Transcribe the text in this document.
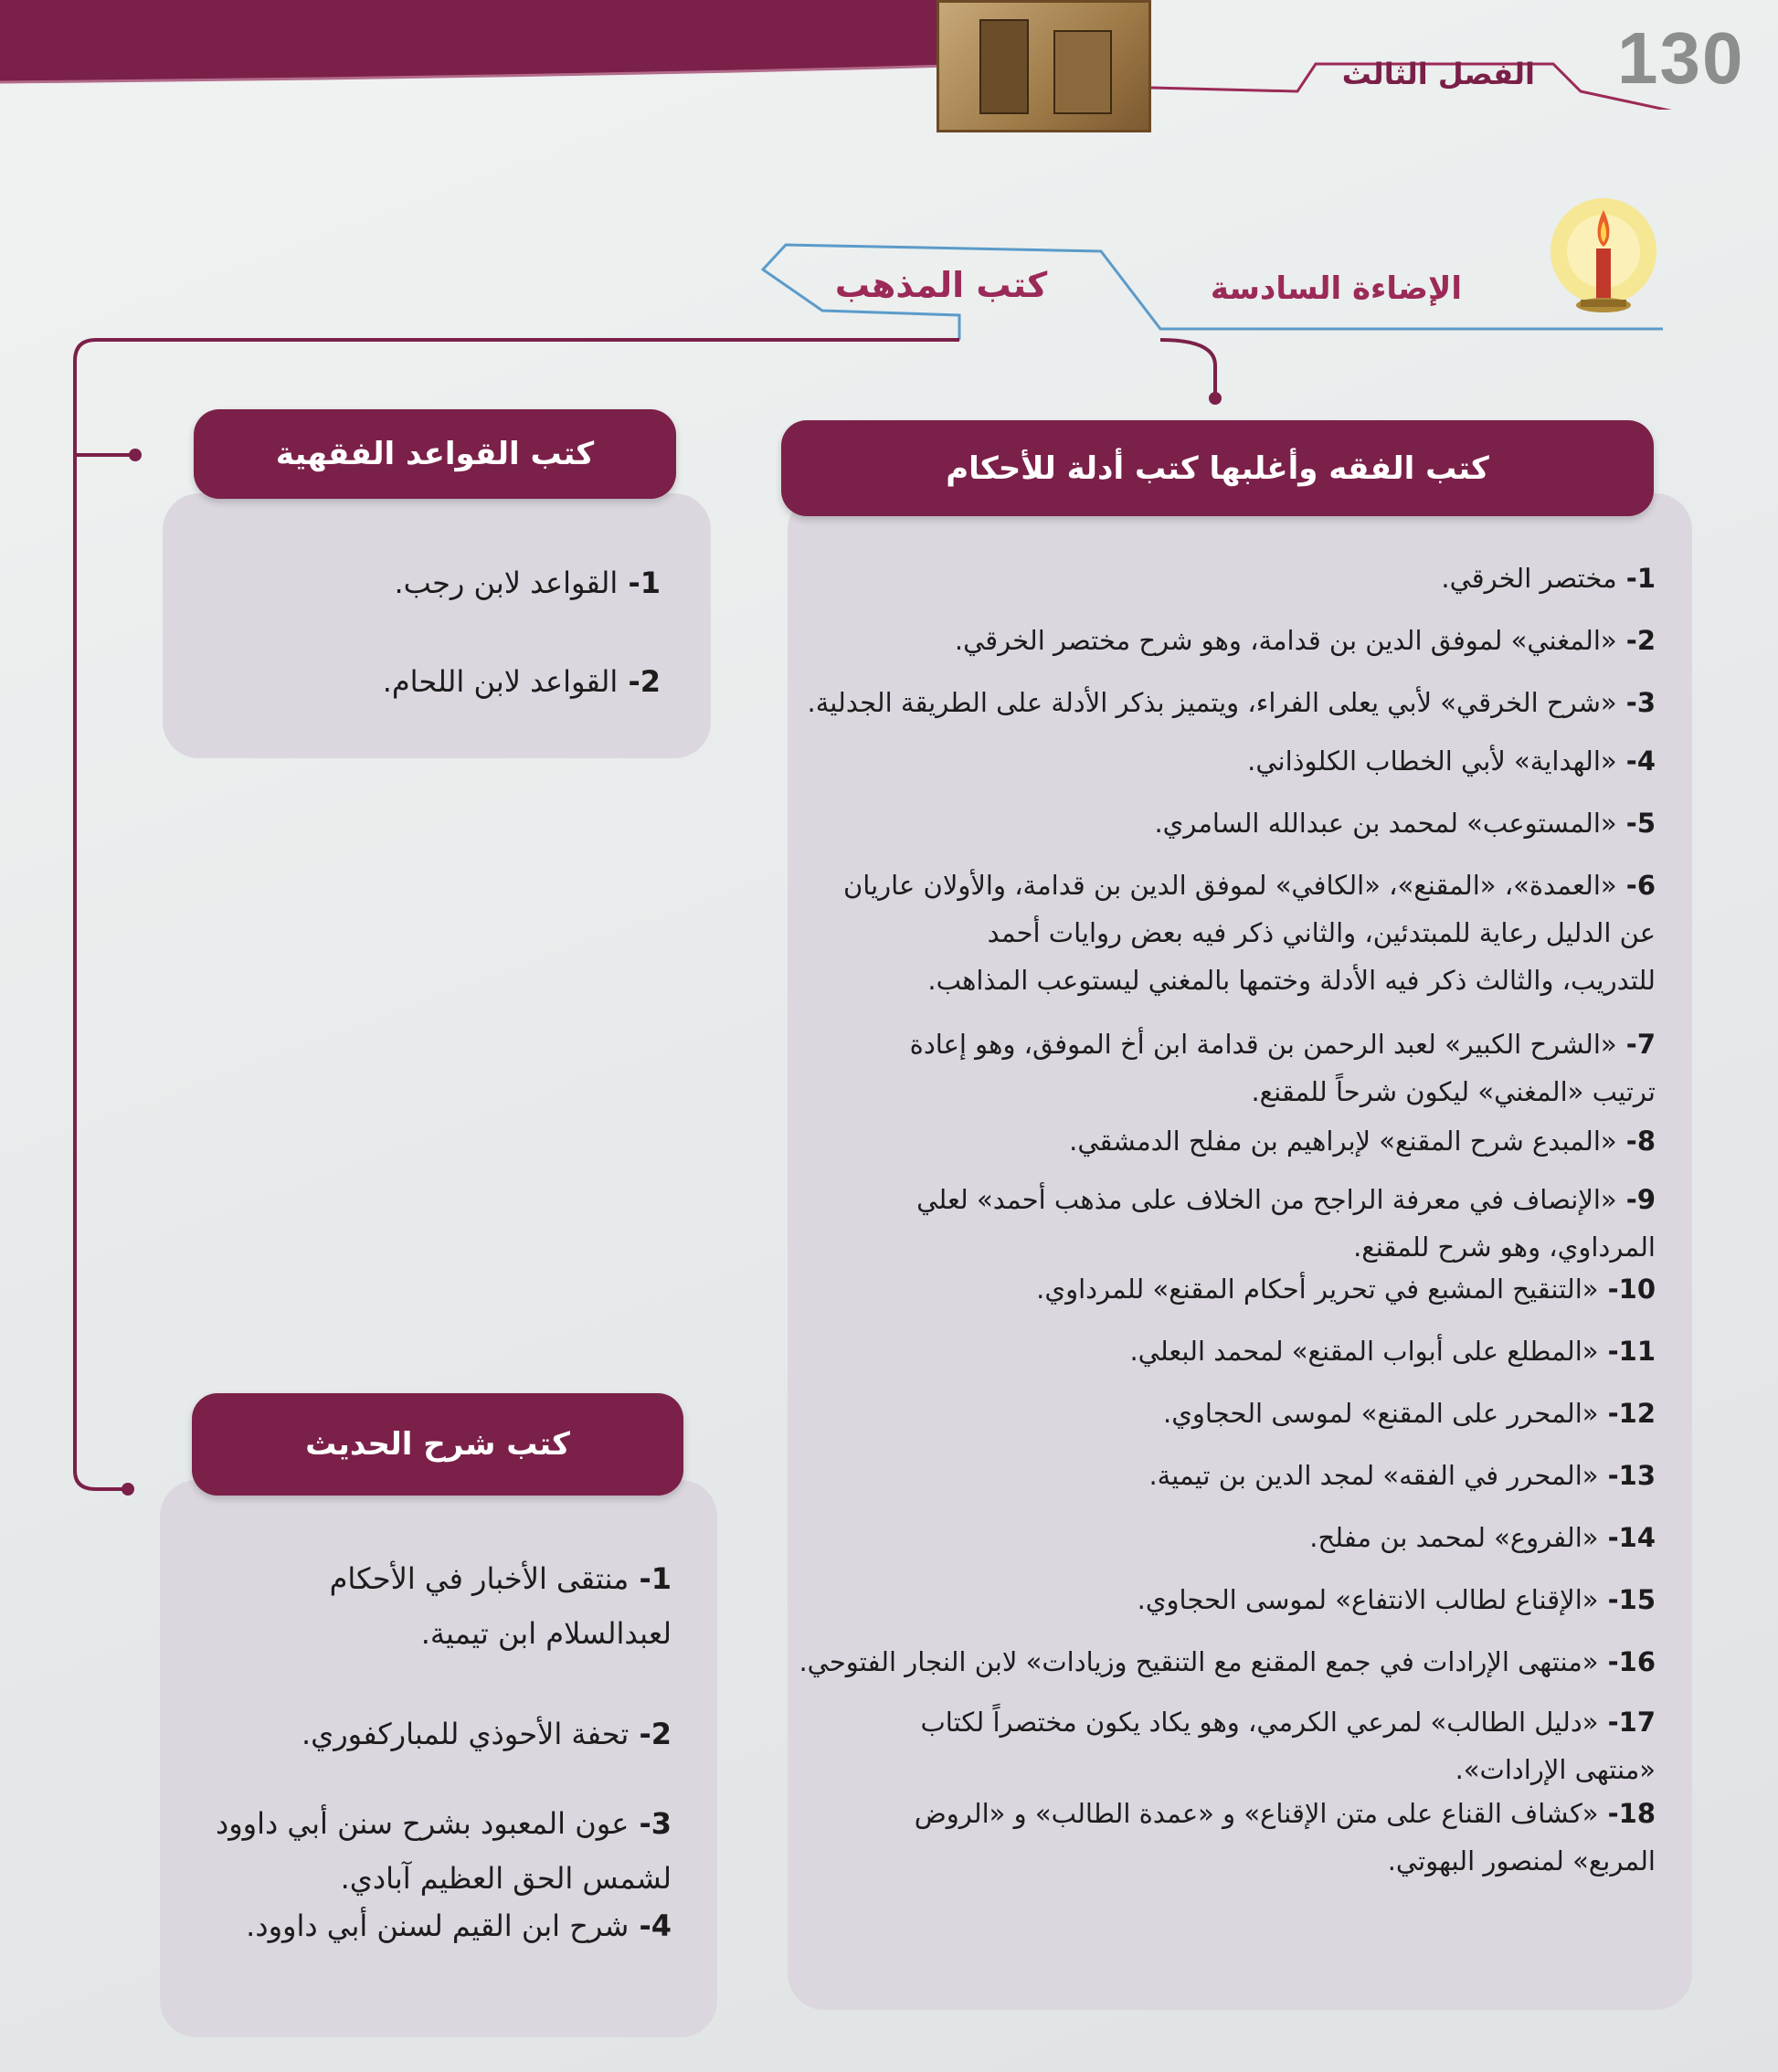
130
الفصل الثالث
الإضاءة السادسة
كتب المذهب
1- مختصر الخرقي.
2- «المغني» لموفق الدين بن قدامة، وهو شرح مختصر الخرقي.
3- «شرح الخرقي» لأبي يعلى الفراء، ويتميز بذكر الأدلة على الطريقة الجدلية.
4- «الهداية» لأبي الخطاب الكلوذاني.
5- «المستوعب» لمحمد بن عبدالله السامري.
6- «العمدة»، «المقنع»، «الكافي» لموفق الدين بن قدامة، والأولان عاريان
عن الدليل رعاية للمبتدئين، والثاني ذكر فيه بعض روايات أحمد
للتدريب، والثالث ذكر فيه الأدلة وختمها بالمغني ليستوعب المذاهب.
7- «الشرح الكبير» لعبد الرحمن بن قدامة ابن أخ الموفق، وهو إعادة
ترتيب «المغني» ليكون شرحاً للمقنع.
8- «المبدع شرح المقنع» لإبراهيم بن مفلح الدمشقي.
9- «الإنصاف في معرفة الراجح من الخلاف على مذهب أحمد» لعلي
المرداوي، وهو شرح للمقنع.
10- «التنقيح المشبع في تحرير أحكام المقنع» للمرداوي.
11- «المطلع على أبواب المقنع» لمحمد البعلي.
12- «المحرر على المقنع» لموسى الحجاوي.
13- «المحرر في الفقه» لمجد الدين بن تيمية.
14- «الفروع» لمحمد بن مفلح.
15- «الإقناع لطالب الانتفاع» لموسى الحجاوي.
16- «منتهى الإرادات في جمع المقنع مع التنقيح وزيادات» لابن النجار الفتوحي.
17- «دليل الطالب» لمرعي الكرمي، وهو يكاد يكون مختصراً لكتاب
«منتهى الإرادات».
18- «كشاف القناع على متن الإقناع» و «عمدة الطالب» و «الروض
المربع» لمنصور البهوتي.
كتب الفقه وأغلبها كتب أدلة للأحكام
1- القواعد لابن رجب.
2- القواعد لابن اللحام.
كتب القواعد الفقهية
1- منتقى الأخبار في الأحكام
لعبدالسلام ابن تيمية.
2- تحفة الأحوذي للمباركفوري.
3- عون المعبود بشرح سنن أبي داوود
لشمس الحق العظيم آبادي.
4- شرح ابن القيم لسنن أبي داوود.
كتب شرح الحديث
